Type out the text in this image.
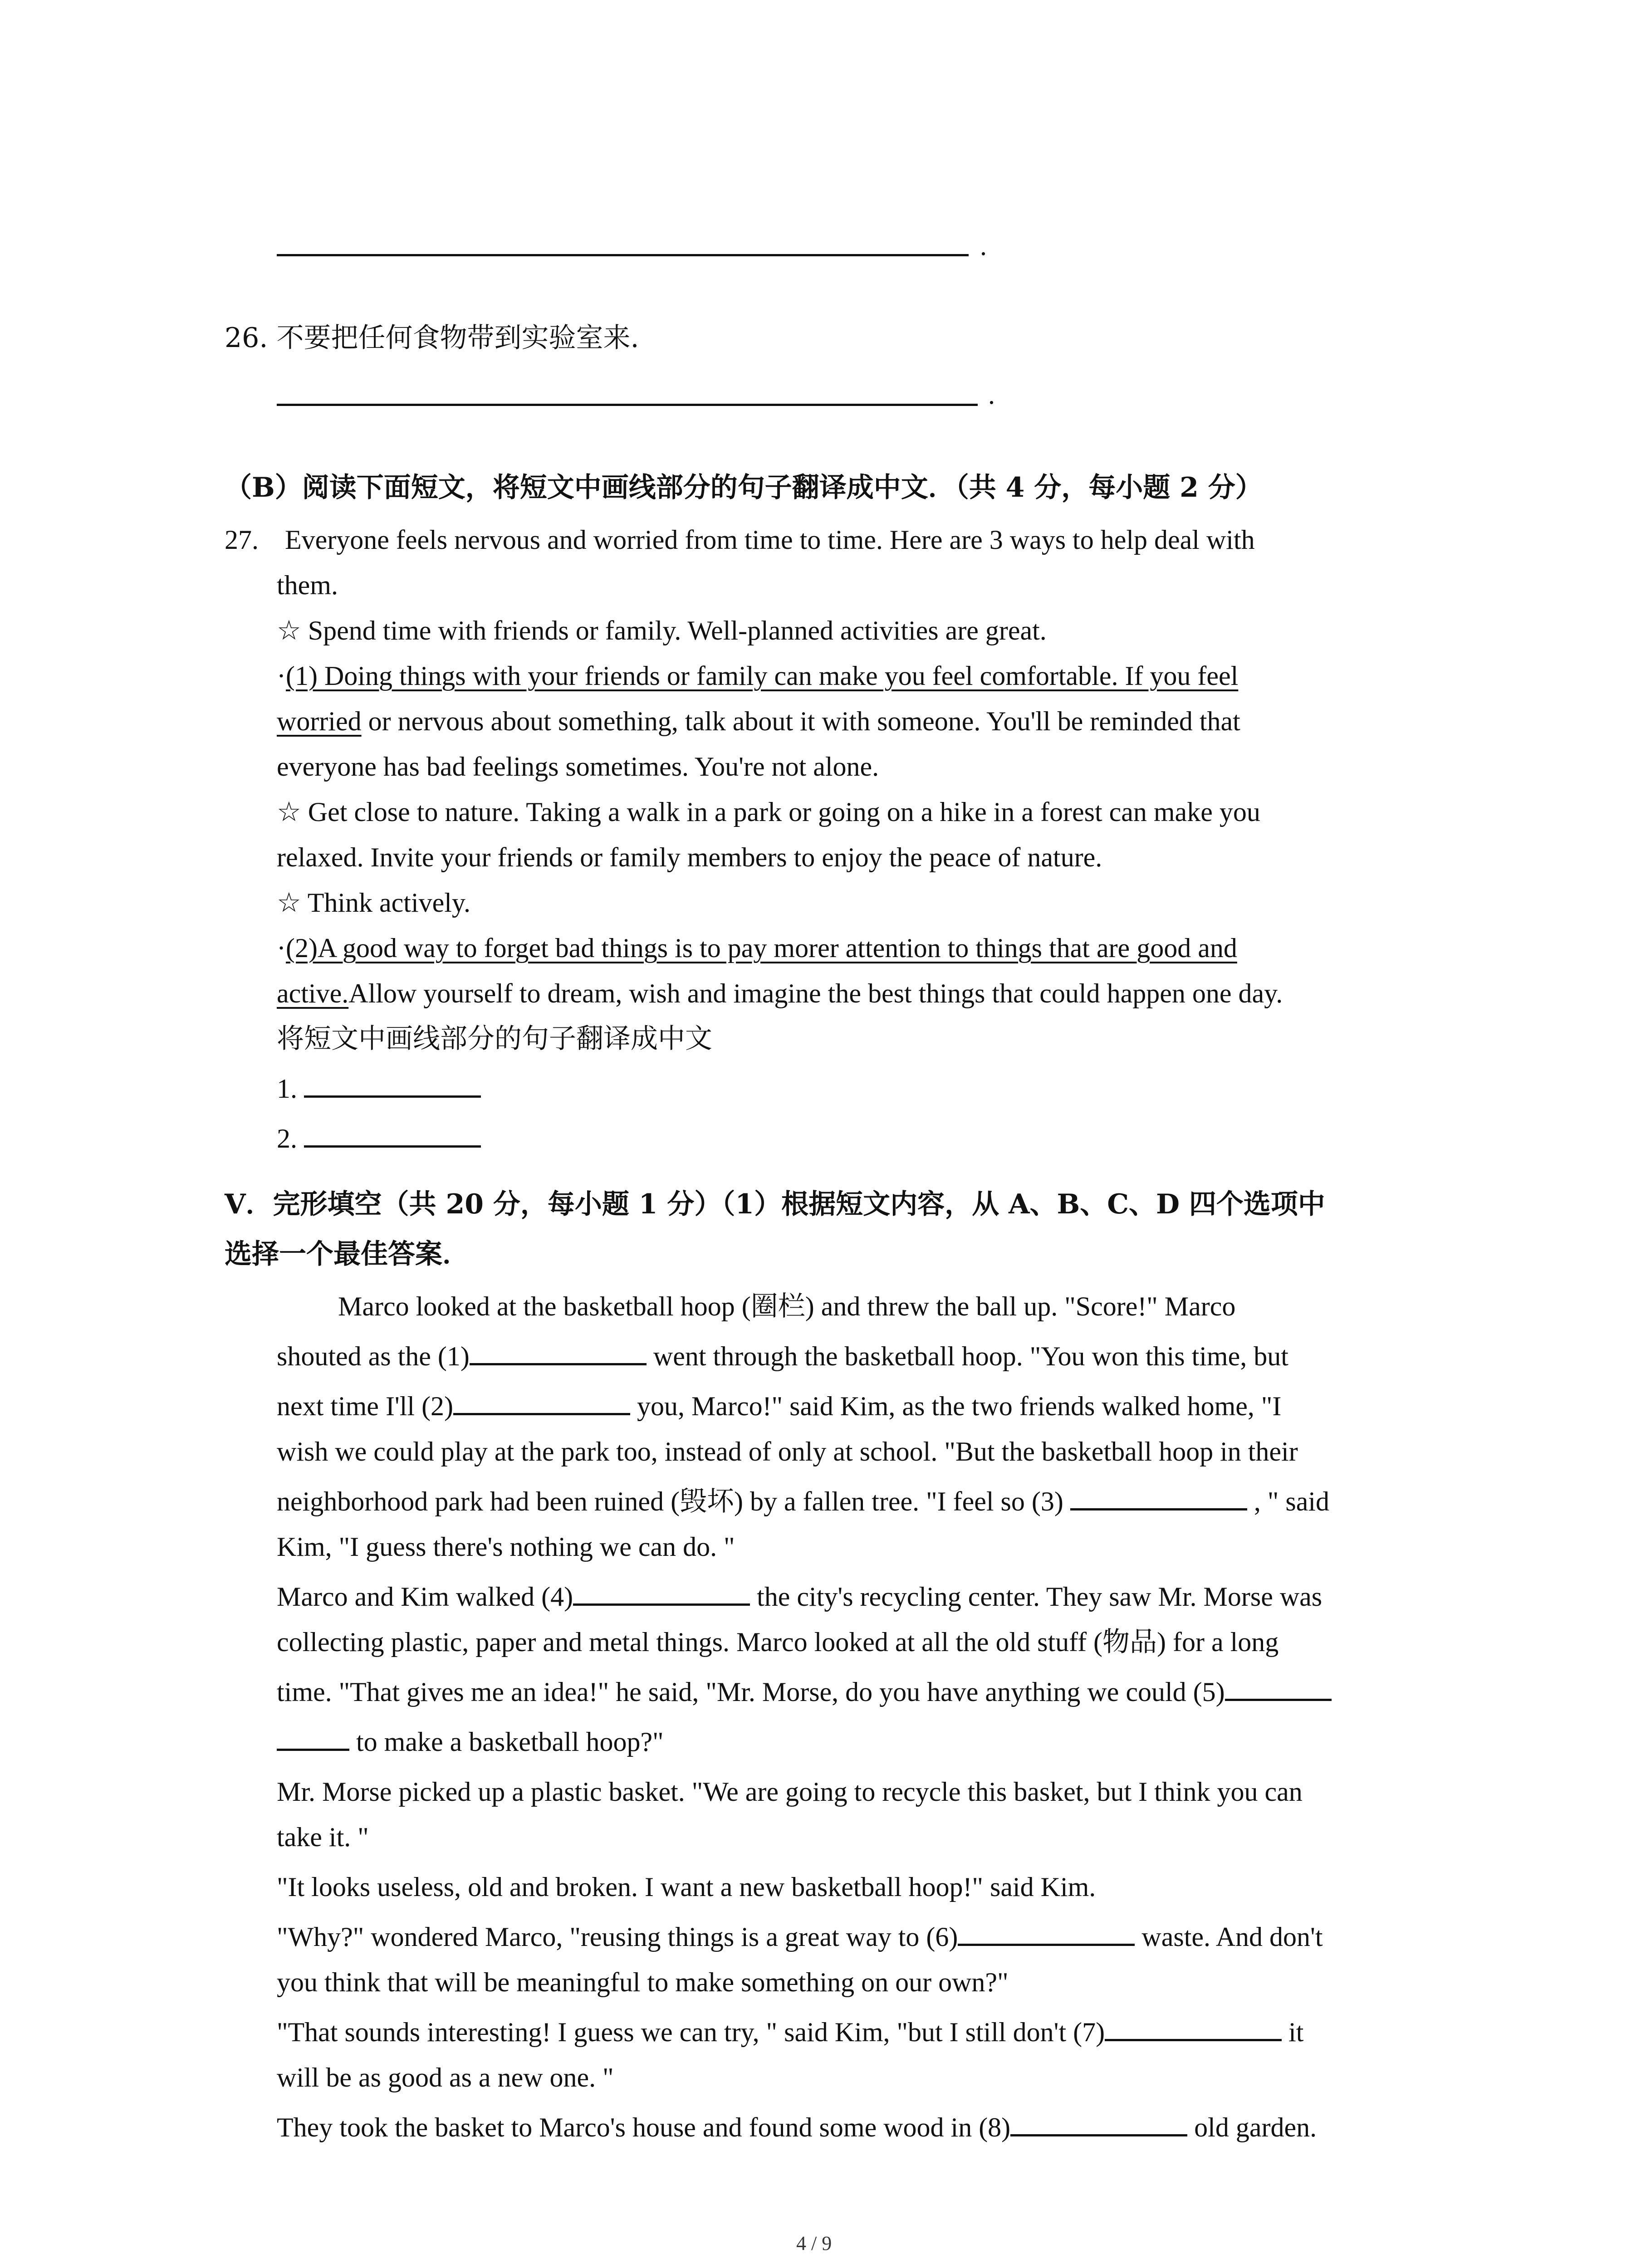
.
26. 不要把任何食物带到实验室来.
.
（B）阅读下面短文，将短文中画线部分的句子翻译成中文．（共 4 分，每小题 2 分）
27. Everyone feels nervous and worried from time to time. Here are 3 ways to help deal with
them.
☆ Spend time with friends or family. Well-planned activities are great.
·(1) Doing things with your friends or family can make you feel comfortable. If you feel
worried or nervous about something, talk about it with someone. You'll be reminded that
everyone has bad feelings sometimes. You're not alone.
☆ Get close to nature. Taking a walk in a park or going on a hike in a forest can make you
relaxed. Invite your friends or family members to enjoy the peace of nature.
☆ Think actively.
·(2)A good way to forget bad things is to pay morer attention to things that are good and
active.Allow yourself to dream, wish and imagine the best things that could happen one day.
将短文中画线部分的句子翻译成中文
1.
2.
Ⅴ．完形填空（共 20 分，每小题 1 分）（1）根据短文内容，从 A、B、C、D 四个选项中
选择一个最佳答案．
Marco looked at the basketball hoop (圈栏) and threw the ball up. "Score!" Marco
shouted as the (1)	went through the basketball hoop. "You won this time, but
next time I'll (2)	you, Marco!" said Kim, as the two friends walked home, "I
wish we could play at the park too, instead of only at school. "But the basketball hoop in their
neighborhood park had been ruined (毁坏) by a fallen tree. "I feel so (3)	, " said
Kim, "I guess there's nothing we can do. "
Marco and Kim walked (4)	the city's recycling center. They saw Mr. Morse was
collecting plastic, paper and metal things. Marco looked at all the old stuff (物品) for a long
time. "That gives me an idea!" he said, "Mr. Morse, do you have anything we could (5)
to make a basketball hoop?"
Mr. Morse picked up a plastic basket. "We are going to recycle this basket, but I think you can
take it. "
"It looks useless, old and broken. I want a new basketball hoop!" said Kim.
"Why?" wondered Marco, "reusing things is a great way to (6)	waste. And don't
you think that will be meaningful to make something on our own?"
"That sounds interesting! I guess we can try, " said Kim, "but I still don't (7)	it
will be as good as a new one. "
They took the basket to Marco's house and found some wood in (8)	old garden.
4 / 9
